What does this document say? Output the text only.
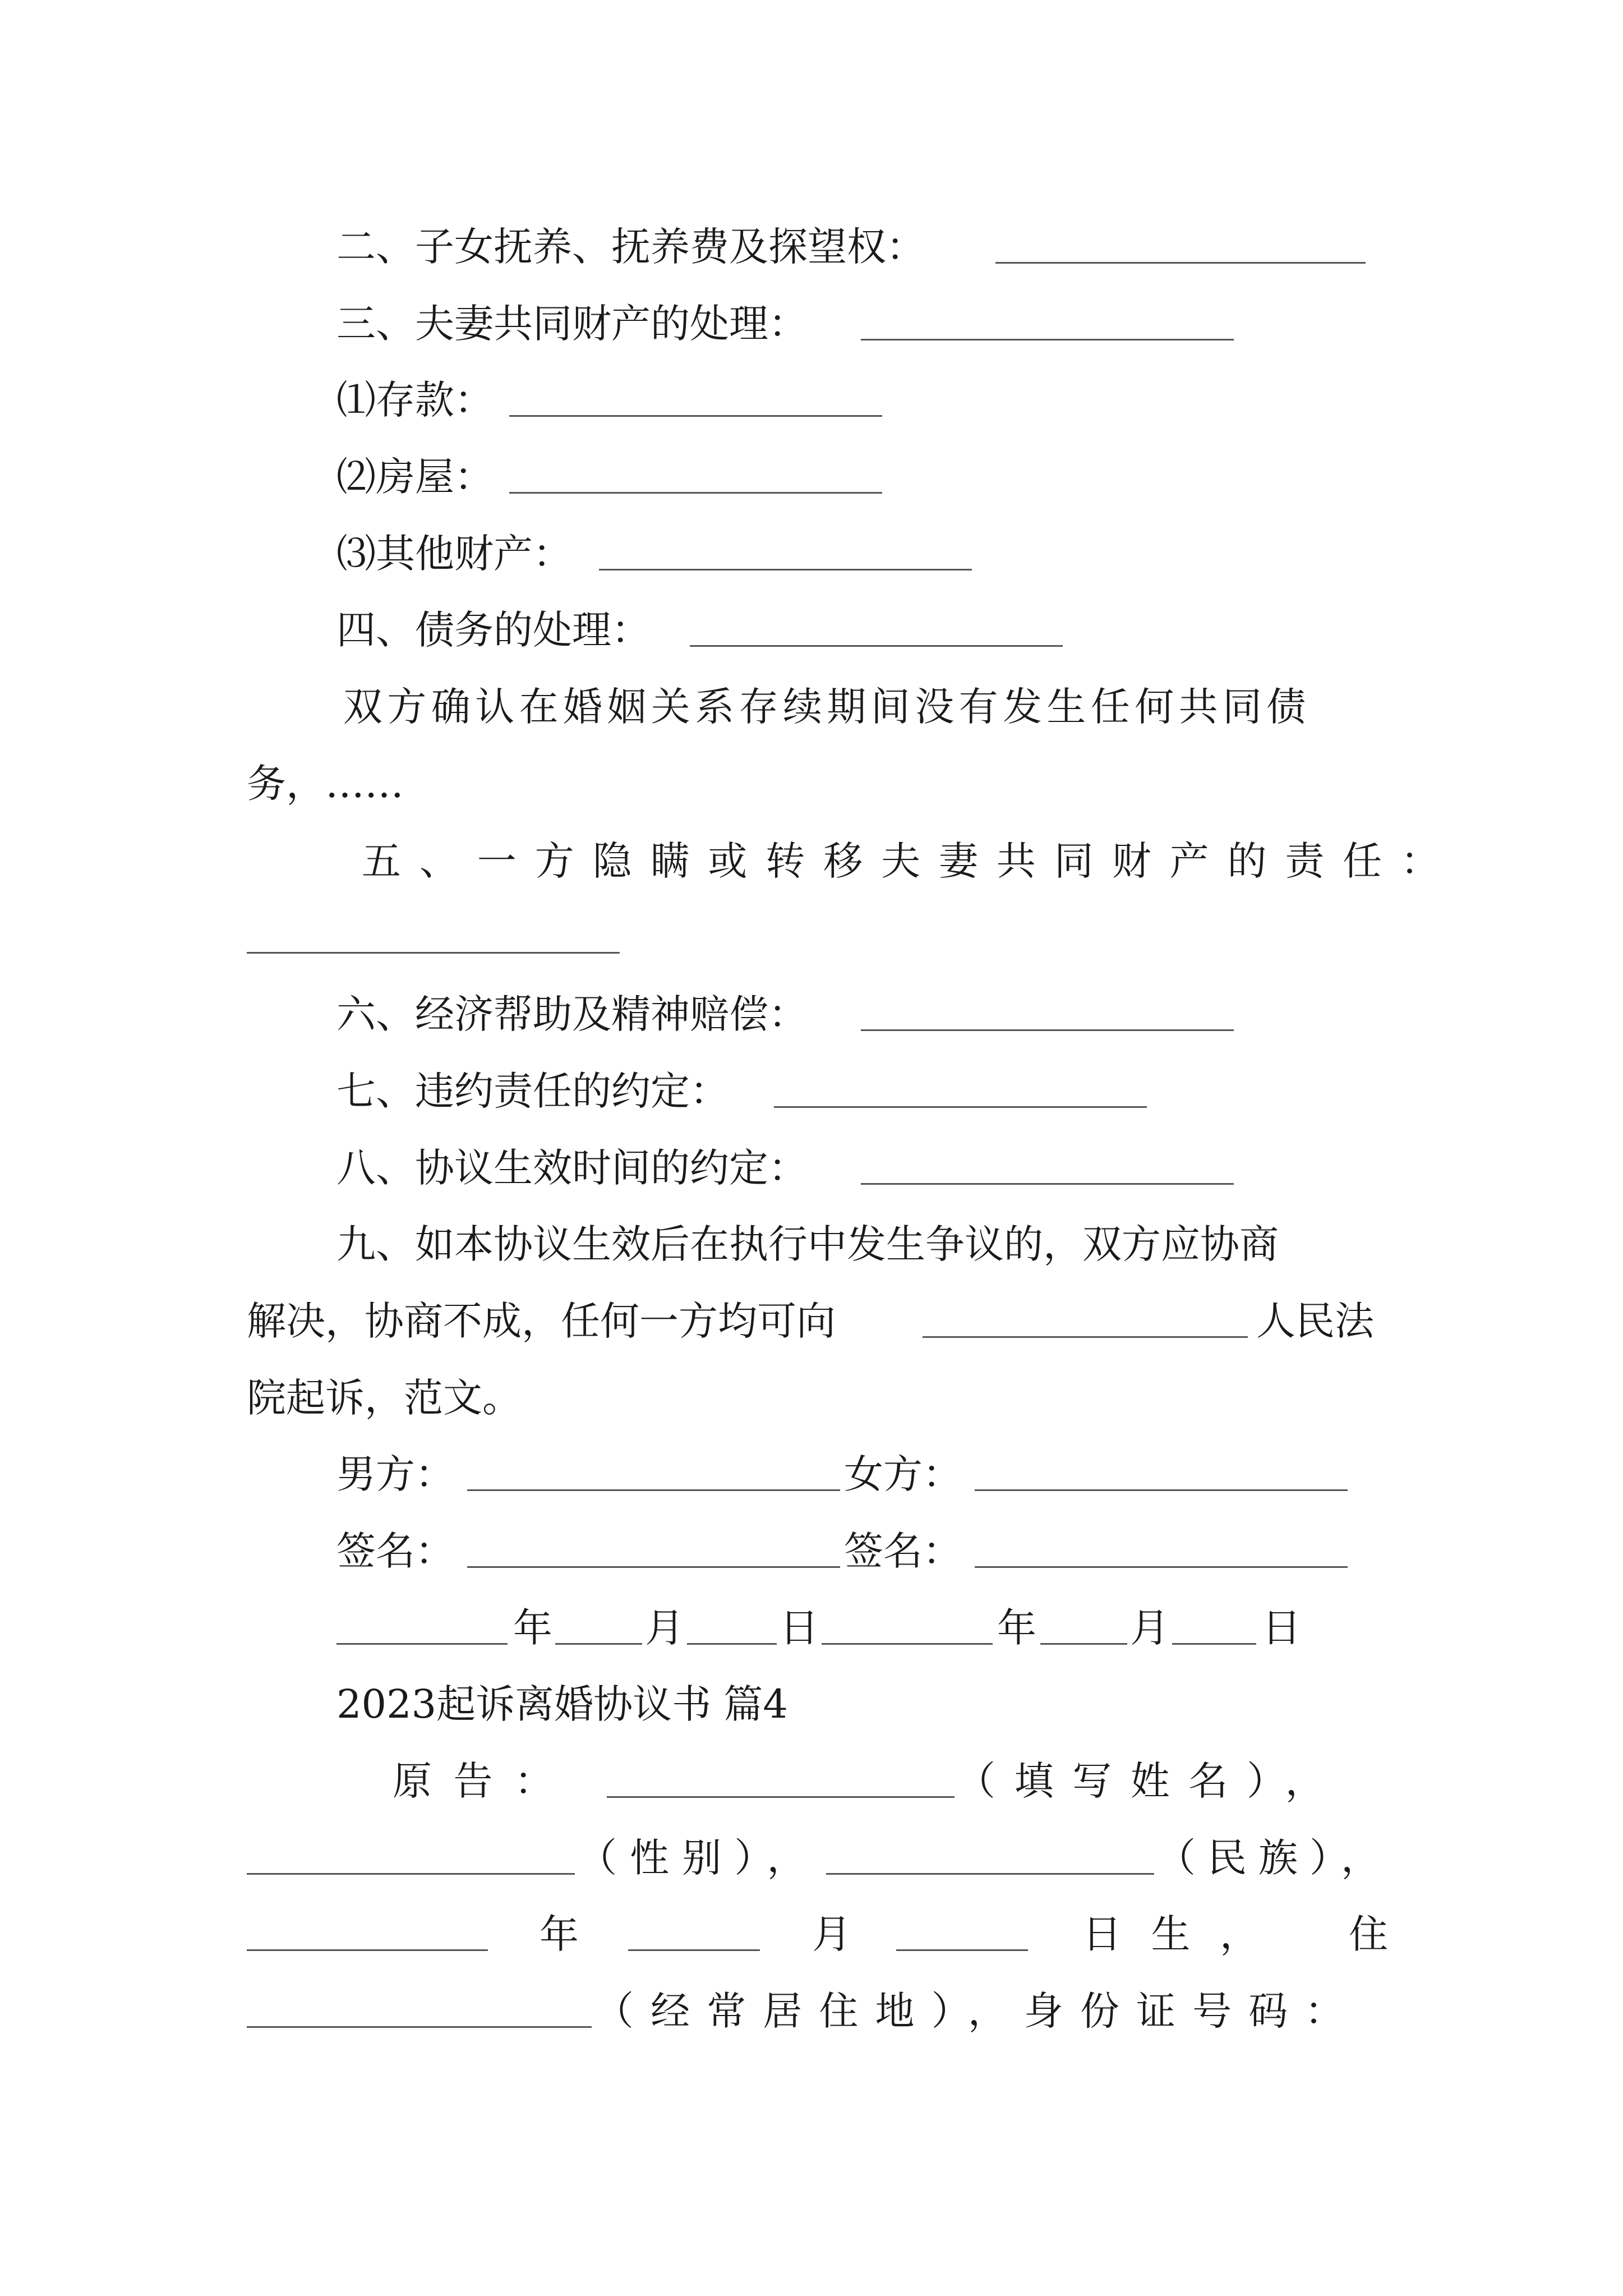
二、子女抚养、抚养费及探望权：
三、夫妻共同财产的处理：
⑴存款：
⑵房屋：
⑶其他财产：
四、债务的处理：
双方确认在婚姻关系存续期间没有发生任何共同债
务，……
五、一方隐瞒或转移夫妻共同财产的责任：
六、经济帮助及精神赔偿：
七、违约责任的约定：
八、协议生效时间的约定：
九、如本协议生效后在执行中发生争议的，双方应协商
解决，协商不成，任何一方均可向	人民法
院起诉，范文。
男方：	女方：
签名：	签名：
年 月 日	年 月 日
2023起诉离婚协议书 篇4
原告：	（填写姓名），
（性别），	（民族），
年	月	日生， 住
（经常居住地），身份证号码：
